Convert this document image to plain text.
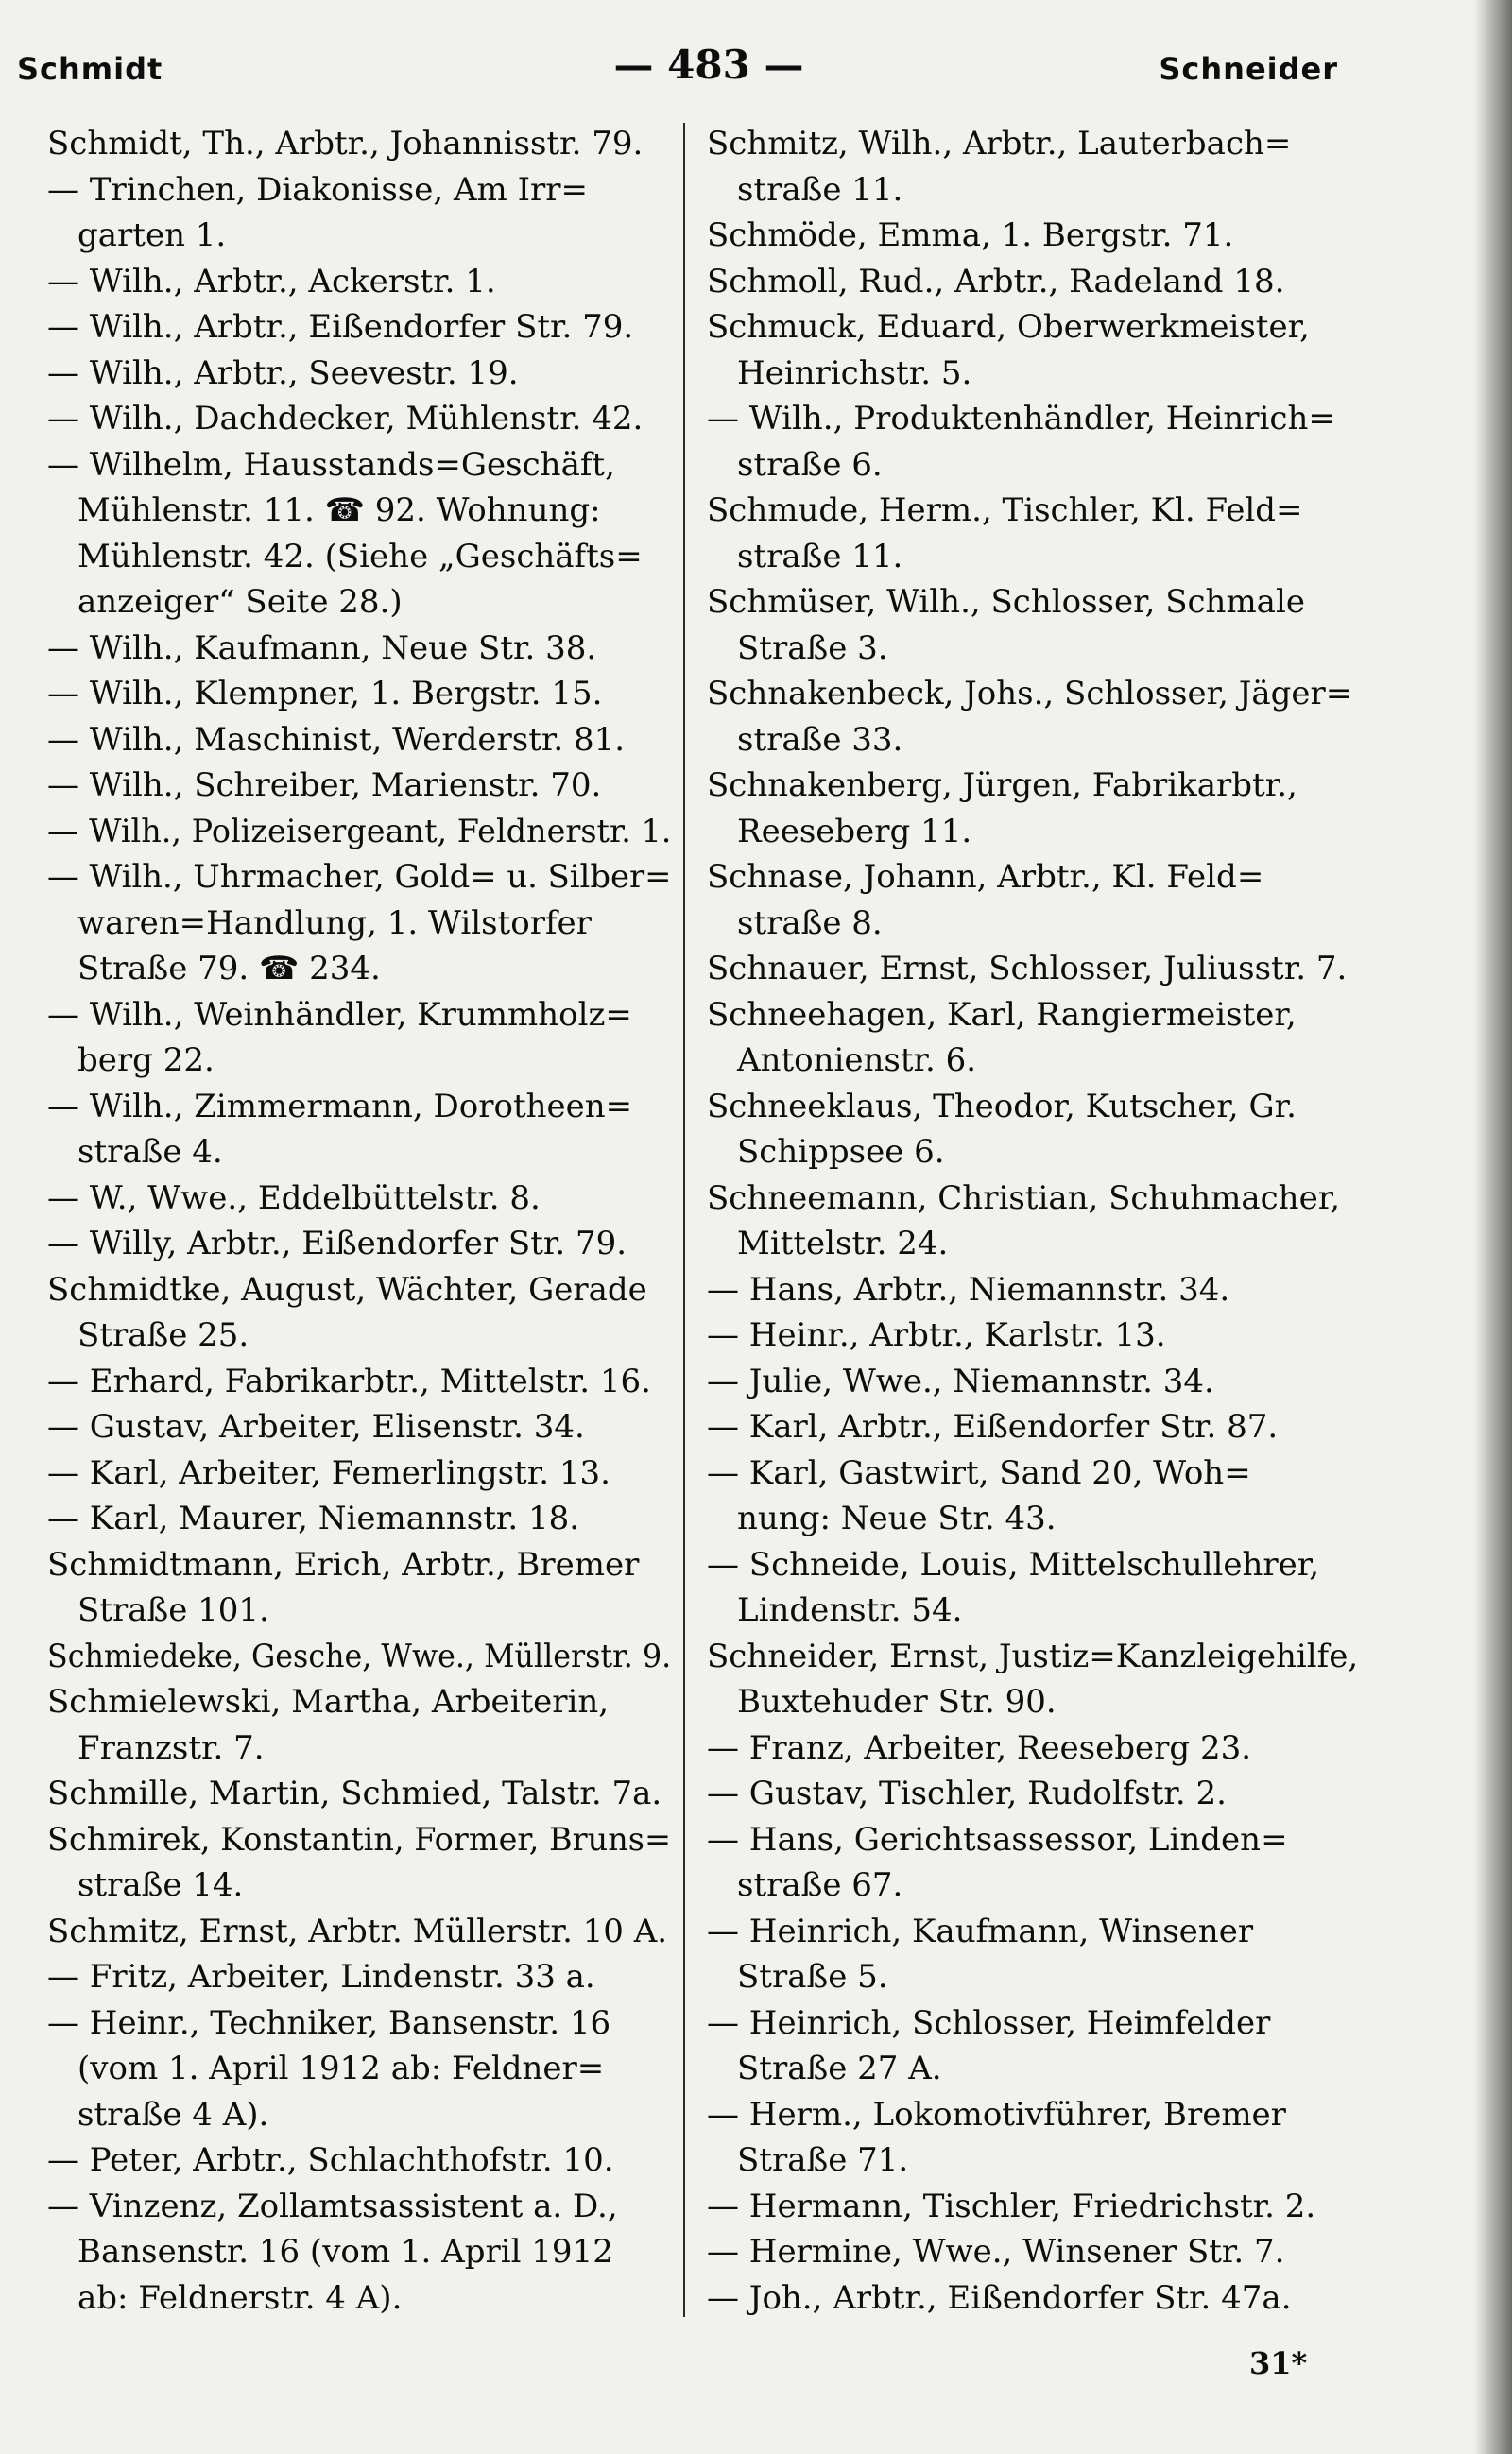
Schmidt	— 483 —	Schneider
Schmidt, Th., Arbtr., Johannisstr. 79.
— Trinchen, Diakonisse, Am Irr=
garten 1.
— Wilh., Arbtr., Ackerstr. 1.
— Wilh., Arbtr., Eißendorfer Str. 79.
— Wilh., Arbtr., Seevestr. 19.
— Wilh., Dachdecker, Mühlenstr. 42.
— Wilhelm, Hausstands=Geschäft,
Mühlenstr. 11. ☎ 92. Wohnung:
Mühlenstr. 42. (Siehe „Geschäfts=
anzeiger“ Seite 28.)
— Wilh., Kaufmann, Neue Str. 38.
— Wilh., Klempner, 1. Bergstr. 15.
— Wilh., Maschinist, Werderstr. 81.
— Wilh., Schreiber, Marienstr. 70.
— Wilh., Polizeisergeant, Feldnerstr. 1.
— Wilh., Uhrmacher, Gold= u. Silber=
waren=Handlung, 1. Wilstorfer
Straße 79. ☎ 234.
— Wilh., Weinhändler, Krummholz=
berg 22.
— Wilh., Zimmermann, Dorotheen=
straße 4.
— W., Wwe., Eddelbüttelstr. 8.
— Willy, Arbtr., Eißendorfer Str. 79.
Schmidtke, August, Wächter, Gerade
Straße 25.
— Erhard, Fabrikarbtr., Mittelstr. 16.
— Gustav, Arbeiter, Elisenstr. 34.
— Karl, Arbeiter, Femerlingstr. 13.
— Karl, Maurer, Niemannstr. 18.
Schmidtmann, Erich, Arbtr., Bremer
Straße 101.
Schmiedeke, Gesche, Wwe., Müllerstr. 9.
Schmielewski, Martha, Arbeiterin,
Franzstr. 7.
Schmille, Martin, Schmied, Talstr. 7a.
Schmirek, Konstantin, Former, Bruns=
straße 14.
Schmitz, Ernst, Arbtr. Müllerstr. 10 A.
— Fritz, Arbeiter, Lindenstr. 33 a.
— Heinr., Techniker, Bansenstr. 16
(vom 1. April 1912 ab: Feldner=
straße 4 A).
— Peter, Arbtr., Schlachthofstr. 10.
— Vinzenz, Zollamtsassistent a. D.,
Bansenstr. 16 (vom 1. April 1912
ab: Feldnerstr. 4 A).
Schmitz, Wilh., Arbtr., Lauterbach=
straße 11.
Schmöde, Emma, 1. Bergstr. 71.
Schmoll, Rud., Arbtr., Radeland 18.
Schmuck, Eduard, Oberwerkmeister,
Heinrichstr. 5.
— Wilh., Produktenhändler, Heinrich=
straße 6.
Schmude, Herm., Tischler, Kl. Feld=
straße 11.
Schmüser, Wilh., Schlosser, Schmale
Straße 3.
Schnakenbeck, Johs., Schlosser, Jäger=
straße 33.
Schnakenberg, Jürgen, Fabrikarbtr.,
Reeseberg 11.
Schnase, Johann, Arbtr., Kl. Feld=
straße 8.
Schnauer, Ernst, Schlosser, Juliusstr. 7.
Schneehagen, Karl, Rangiermeister,
Antonienstr. 6.
Schneeklaus, Theodor, Kutscher, Gr.
Schippsee 6.
Schneemann, Christian, Schuhmacher,
Mittelstr. 24.
— Hans, Arbtr., Niemannstr. 34.
— Heinr., Arbtr., Karlstr. 13.
— Julie, Wwe., Niemannstr. 34.
— Karl, Arbtr., Eißendorfer Str. 87.
— Karl, Gastwirt, Sand 20, Woh=
nung: Neue Str. 43.
— Schneide, Louis, Mittelschullehrer,
Lindenstr. 54.
Schneider, Ernst, Justiz=Kanzleigehilfe,
Buxtehuder Str. 90.
— Franz, Arbeiter, Reeseberg 23.
— Gustav, Tischler, Rudolfstr. 2.
— Hans, Gerichtsassessor, Linden=
straße 67.
— Heinrich, Kaufmann, Winsener
Straße 5.
— Heinrich, Schlosser, Heimfelder
Straße 27 A.
— Herm., Lokomotivführer, Bremer
Straße 71.
— Hermann, Tischler, Friedrichstr. 2.
— Hermine, Wwe., Winsener Str. 7.
— Joh., Arbtr., Eißendorfer Str. 47a.
31*
